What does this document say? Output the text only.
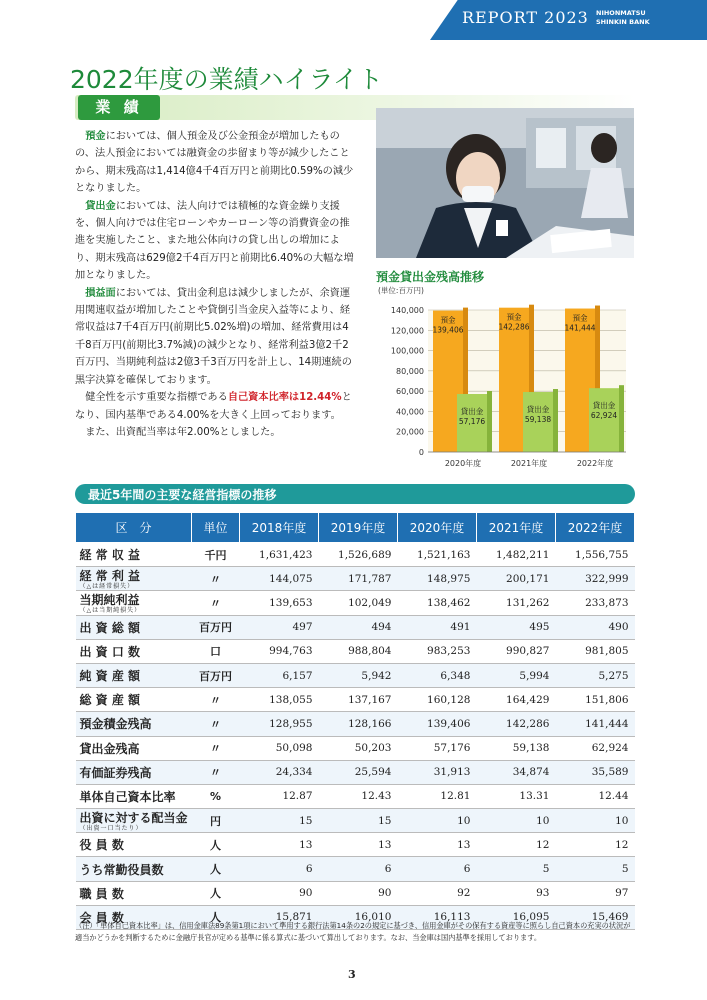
REPORT 2023 NIHONMATSU
SHINKIN BANK
2022年度の業績ハイライト
業 績

預金においては、個人預金及び公金預金が増加したものの、法人預金においては融資金の歩留まり等が減少したことから、期末残高は1,414億4千4百万円と前期比0.59%の減少となりました。

貸出金においては、法人向けでは積極的な資金繰り支援を、個人向けでは住宅ローンやカーローン等の消費資金の推進を実施したこと、また地公体向けの貸し出しの増加により、期末残高は629億2千4百万円と前期比6.40%の大幅な増加となりました。

損益面においては、貸出金利息は減少しましたが、余資運用関連収益が増加したことや貸倒引当金戻入益等により、経常収益は7千4百万円(前期比5.02%増)の増加、経常費用は4千8百万円(前期比3.7%減)の減少となり、経常利益3億2千2百万円、当期純利益は2億3千3百万円を計上し、14期連続の黒字決算を確保しております。

健全性を示す重要な指標である自己資本比率は12.44%となり、国内基準である4.00%を大きく上回っております。

また、出資配当率は年2.00%としました。

預金貸出金残高推移
(単位:百万円)
0
20,000
40,000
60,000
80,000
100,000
120,000
140,000
預金
139,406
貸出金
57,176
2020年度
預金
142,286
貸出金
59,138
2021年度
預金
141,444
貸出金
62,924
2022年度
最近5年間の主要な経営指標の推移
区　分	単位	2018年度	2019年度	2020年度	2021年度	2022年度
経 常 収 益	千円	1,631,423	1,526,689	1,521,163	1,482,211	1,556,755
経 常 利 益
（△は経常損失）	〃	144,075	171,787	148,975	200,171	322,999
当期純利益
（△は当期純損失）	〃	139,653	102,049	138,462	131,262	233,873
出 資 総 額	百万円	497	494	491	495	490
出 資 口 数	口	994,763	988,804	983,253	990,827	981,805
純 資 産 額	百万円	6,157	5,942	6,348	5,994	5,275
総 資 産 額	〃	138,055	137,167	160,128	164,429	151,806
預金積金残高	〃	128,955	128,166	139,406	142,286	141,444
貸出金残高	〃	50,098	50,203	57,176	59,138	62,924
有価証券残高	〃	24,334	25,594	31,913	34,874	35,589
単体自己資本比率	%	12.87	12.43	12.81	13.31	12.44
出資に対する配当金
（出資一口当たり）	円	15	15	10	10	10
役 員 数	人	13	13	13	12	12
うち常勤役員数	人	6	6	6	5	5
職 員 数	人	90	90	92	93	97
会 員 数	人	15,871	16,010	16,113	16,095	15,469
（注）「単体自己資本比率」は、信用金庫法89条第1項において準用する銀行法第14条の2の規定に基づき、信用金庫がその保有する資産等に照らし自己資本の充実の状況が適当かどうかを判断するために金融庁長官が定める基準に係る算式に基づいて算出しております。なお、当金庫は国内基準を採用しております。
3
